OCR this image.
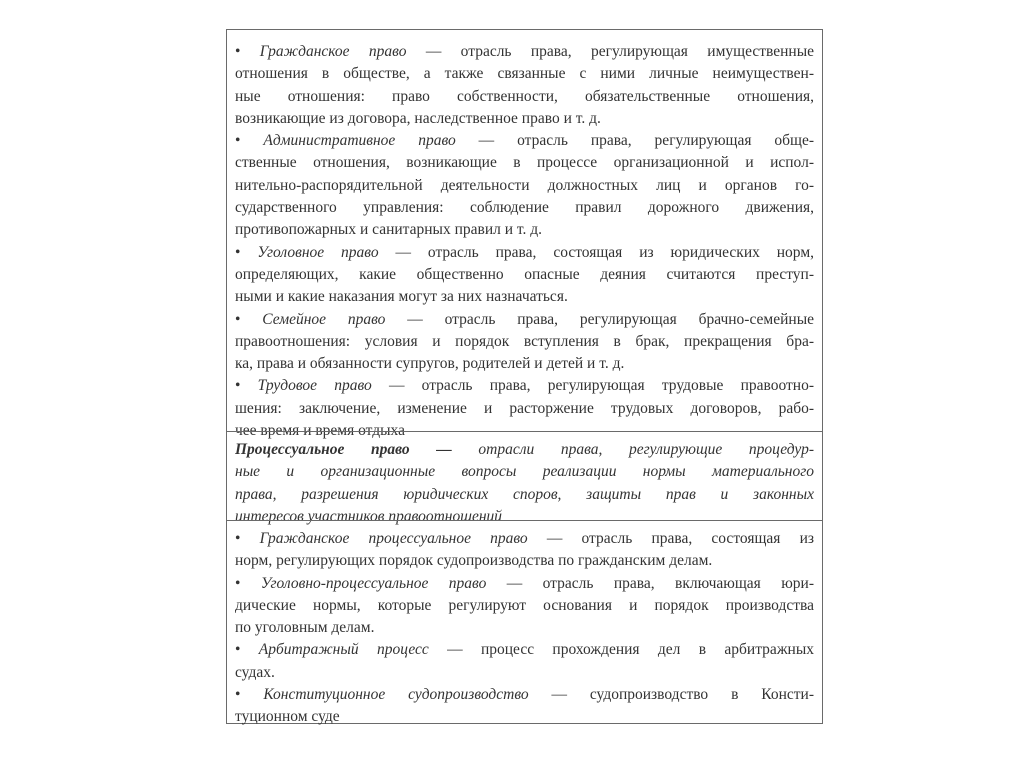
• Гражданское право — отрасль права, регулирующая имущественные
отношения в обществе, а также связанные с ними личные неимуществен-
ные отношения: право собственности, обязательственные отношения,
возникающие из договора, наследственное право и т. д.
• Административное право — отрасль права, регулирующая обще-
ственные отношения, возникающие в процессе организационной и испол-
нительно-распорядительной деятельности должностных лиц и органов го-
сударственного управления: соблюдение правил дорожного движения,
противопожарных и санитарных правил и т. д.
• Уголовное право — отрасль права, состоящая из юридических норм,
определяющих, какие общественно опасные деяния считаются преступ-
ными и какие наказания могут за них назначаться.
• Семейное право — отрасль права, регулирующая брачно-семейные
правоотношения: условия и порядок вступления в брак, прекращения бра-
ка, права и обязанности супругов, родителей и детей и т. д.
• Трудовое право — отрасль права, регулирующая трудовые правоотно-
шения: заключение, изменение и расторжение трудовых договоров, рабо-
чее время и время отдыха
Процессуальное право — отрасли права, регулирующие процедур-
ные и организационные вопросы реализации нормы материального
права, разрешения юридических споров, защиты прав и законных
интересов участников правоотношений
• Гражданское процессуальное право — отрасль права, состоящая из
норм, регулирующих порядок судопроизводства по гражданским делам.
• Уголовно-процессуальное право — отрасль права, включающая юри-
дические нормы, которые регулируют основания и порядок производства
по уголовным делам.
• Арбитражный процесс — процесс прохождения дел в арбитражных
судах.
• Конституционное судопроизводство — судопроизводство в Консти-
туционном суде
